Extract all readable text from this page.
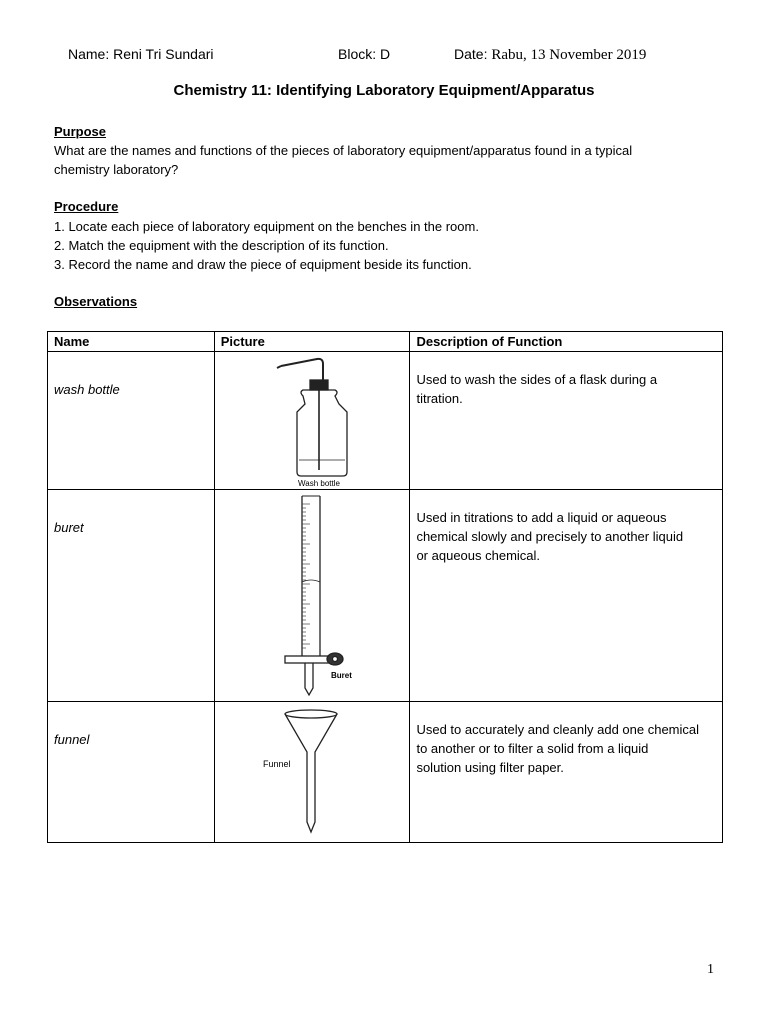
Name: Reni Tri Sundari	Block: D	Date: Rabu, 13 November 2019
Chemistry 11: Identifying Laboratory Equipment/Apparatus
Purpose
What are the names and functions of the pieces of laboratory equipment/apparatus found in a typical
chemistry laboratory?
Procedure
1. Locate each piece of laboratory equipment on the benches in the room.
2. Match the equipment with the description of its function.
3. Record the name and draw the piece of equipment beside its function.
Observations
Name	Picture	Description of Function
wash bottle	Wash bottle	Used to wash the sides of a flask during a
titration.

buret	Buret	Used in titrations to add a liquid or aqueous
chemical slowly and precisely to another liquid
or aqueous chemical.

funnel	Funnel	Used to accurately and cleanly add one chemical
to another or to filter a solid from a liquid
solution using filter paper.
1
